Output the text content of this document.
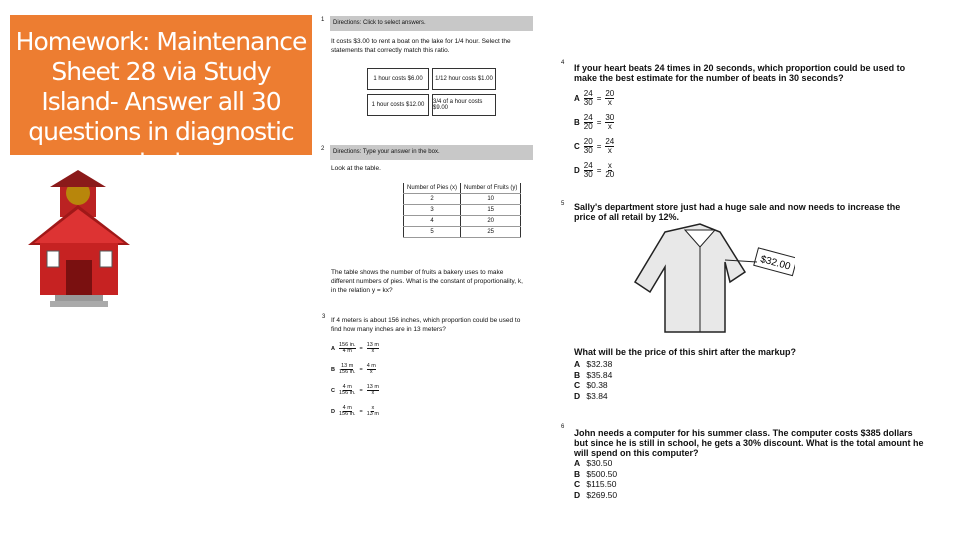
Homework: Maintenance Sheet 28 via Study Island- Answer all 30 questions in diagnostic test
1	Directions: Click to select answers.
It costs $3.00 to rent a boat on the lake for 1/4 hour. Select the statements that correctly match this ratio.
1 hour costs $6.00	1/12 hour costs $1.00
1 hour costs $12.00	3/4 of a hour costs $9.00
2	Directions: Type your answer in the box.
Look at the table.
Number of Pies (x)	Number of Fruits (y)
2	10
3	15
4	20
5	25
The table shows the number of fruits a bakery uses to make different numbers of pies. What is the constant of proportionality, k, in the relation y = kx?
3 If 4 meters is about 156 inches, which proportion could be used to find how many inches are in 13 meters?
A $\frac{156 in.}{4 m} = \frac{13 m}{x}$
B $\frac{13 m}{156 in.} = \frac{4 m}{x}$
C $\frac{4 m}{156 in.} = \frac{13 m}{x}$
D $\frac{4 m}{156 in.} = \frac{x}{13 m}$
4 If your heart beats 24 times in 20 seconds, which proportion could be used to make the best estimate for the number of beats in 30 seconds?
A $\frac{24}{30} = \frac{20}{x}$
B $\frac{24}{20} = \frac{30}{x}$
C $\frac{20}{30} = \frac{24}{x}$
D $\frac{24}{30} = \frac{x}{20}$
5 Sally's department store just had a huge sale and now needs to increase the price of all retail by 12%.
$32.00
What will be the price of this shirt after the markup?
A $32.38
B $35.84
C $0.38
D $3.84
6
John needs a computer for his summer class. The computer costs $385 dollars but since he is still in school, he gets a 30% discount. What is the total amount he will spend on this computer?
A $30.50
B $500.50
C $115.50
D $269.50
